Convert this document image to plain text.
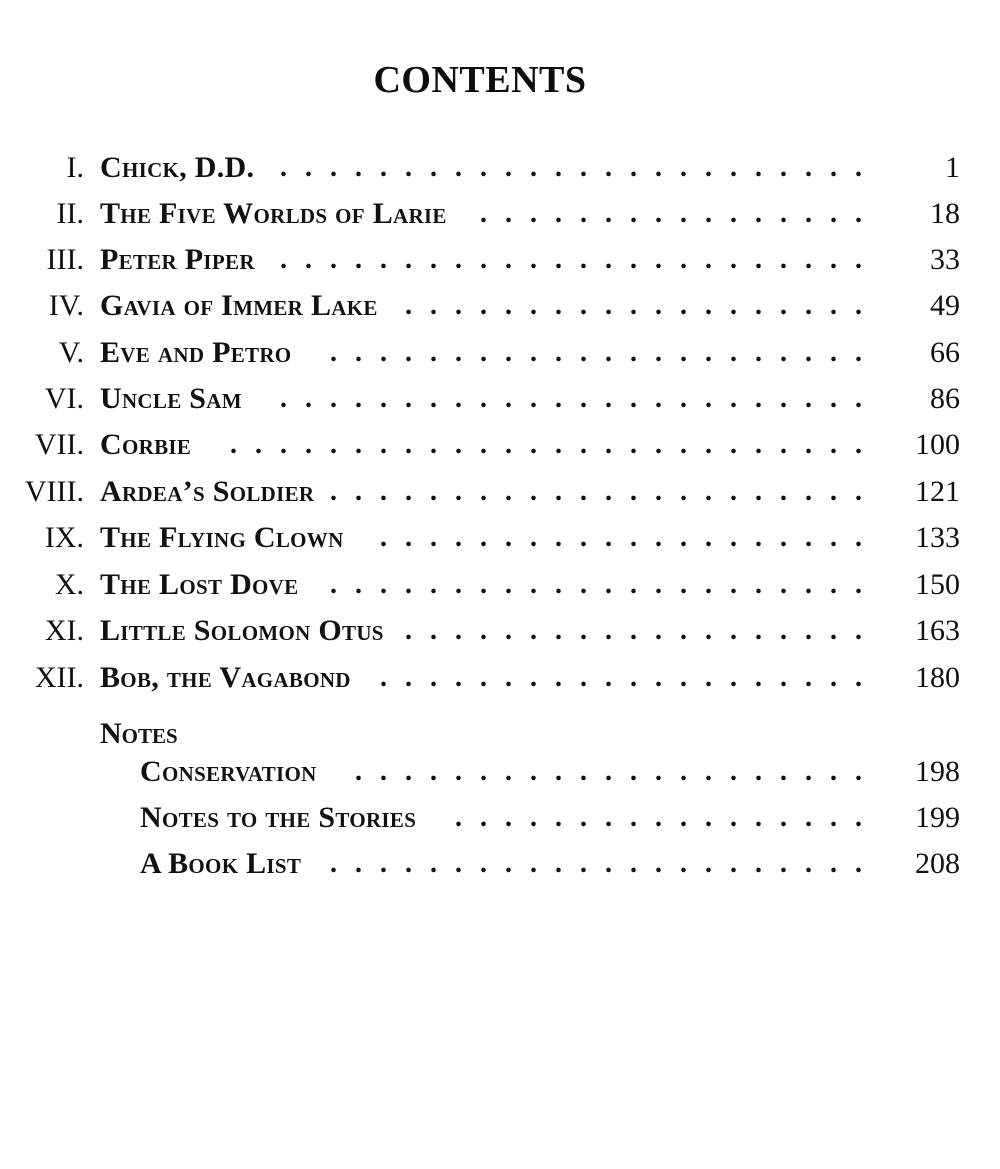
CONTENTS
I. Chick, D.D.	1
........................
II. The Five Worlds of Larie	18
................
III. Peter Piper	33
........................
IV. Gavia of Immer Lake	49
...................
V. Eve and Petro	66
......................
VI. Uncle Sam	86
........................
VII. Corbie	100
..........................
VIII. Ardea’s Soldier	121
......................
IX. The Flying Clown	133
....................
X. The Lost Dove	150
......................
XI. Little Solomon Otus	163
...................
XII. Bob, the Vagabond	180
....................
Notes
Conservation	198
.....................
Notes to the Stories	199
.................
A Book List	208
......................
